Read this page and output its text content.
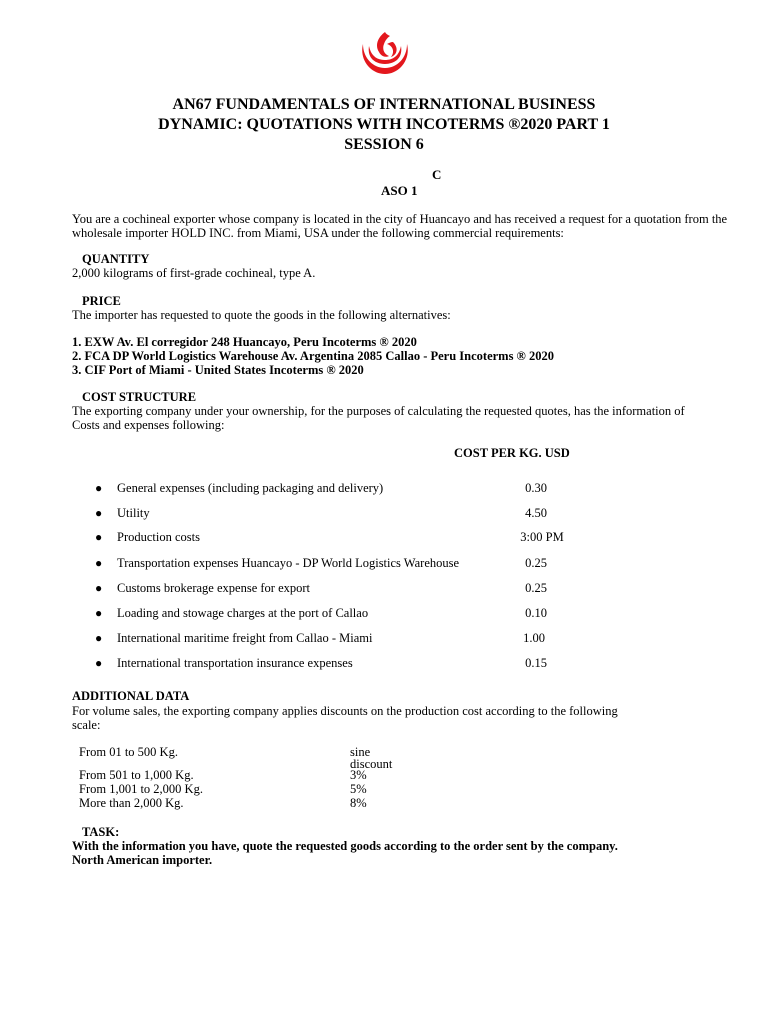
AN67 FUNDAMENTALS OF INTERNATIONAL BUSINESS
DYNAMIC: QUOTATIONS WITH INCOTERMS ®2020 PART 1
SESSION 6
C
ASO 1
You are a cochineal exporter whose company is located in the city of Huancayo and has received a request for a quotation from the
wholesale importer HOLD INC. from Miami, USA under the following commercial requirements:
QUANTITY
2,000 kilograms of first-grade cochineal, type A.
PRICE
The importer has requested to quote the goods in the following alternatives:
1. EXW Av. El corregidor 248 Huancayo, Peru Incoterms ® 2020
2. FCA DP World Logistics Warehouse Av. Argentina 2085 Callao - Peru Incoterms ® 2020
3. CIF Port of Miami - United States Incoterms ® 2020
COST STRUCTURE
The exporting company under your ownership, for the purposes of calculating the requested quotes, has the information of
Costs and expenses following:
COST PER KG. USD
● General expenses (including packaging and delivery)	0.30
● Utility	4.50
● Production costs	3:00 PM
● Transportation expenses Huancayo - DP World Logistics Warehouse	0.25
● Customs brokerage expense for export	0.25
● Loading and stowage charges at the port of Callao	0.10
● International maritime freight from Callao - Miami	1.00
● International transportation insurance expenses	0.15
ADDITIONAL DATA
For volume sales, the exporting company applies discounts on the production cost according to the following
scale:
From 01 to 500 Kg.	sine
discount
From 501 to 1,000 Kg.	3%
From 1,001 to 2,000 Kg.	5%
More than 2,000 Kg.	8%
TASK:
With the information you have, quote the requested goods according to the order sent by the company.
North American importer.
